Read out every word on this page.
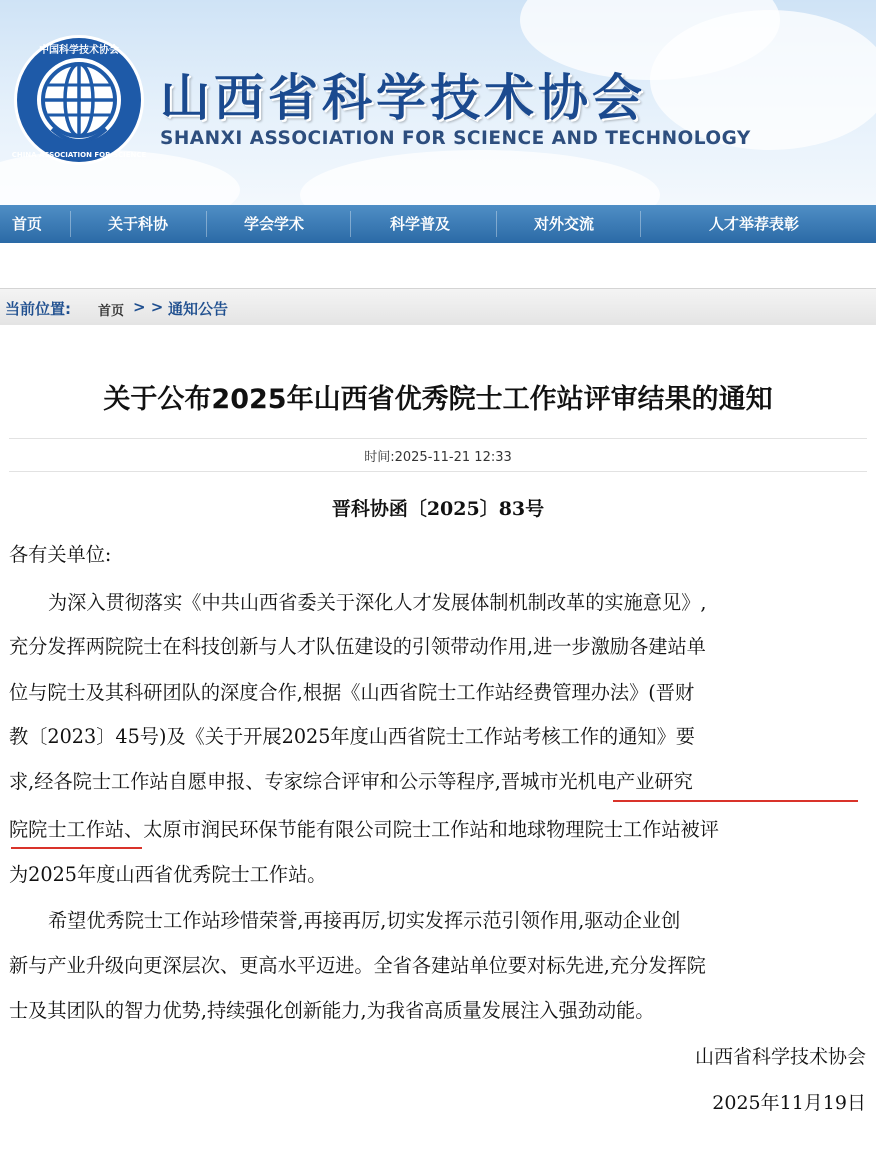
中国科学技术协会
CHINA ASSOCIATION FOR SCIENCE
山西省科学技术协会
SHANXI ASSOCIATION FOR SCIENCE AND TECHNOLOGY
首页	关于科协	学会学术	科学普及	对外交流	人才举荐表彰
当前位置: 首页 > > 通知公告
关于公布2025年山西省优秀院士工作站评审结果的通知
时间:2025-11-21 12:33
晋科协函〔2025〕83号
各有关单位:
为深入贯彻落实《中共山西省委关于深化人才发展体制机制改革的实施意见》,
充分发挥两院院士在科技创新与人才队伍建设的引领带动作用,进一步激励各建站单
位与院士及其科研团队的深度合作,根据《山西省院士工作站经费管理办法》(晋财
教〔2023〕45号)及《关于开展2025年度山西省院士工作站考核工作的通知》要
求,经各院士工作站自愿申报、专家综合评审和公示等程序,晋城市光机电产业研究
院院士工作站、太原市润民环保节能有限公司院士工作站和地球物理院士工作站被评
为2025年度山西省优秀院士工作站。
希望优秀院士工作站珍惜荣誉,再接再厉,切实发挥示范引领作用,驱动企业创
新与产业升级向更深层次、更高水平迈进。全省各建站单位要对标先进,充分发挥院
士及其团队的智力优势,持续强化创新能力,为我省高质量发展注入强劲动能。
山西省科学技术协会
2025年11月19日
